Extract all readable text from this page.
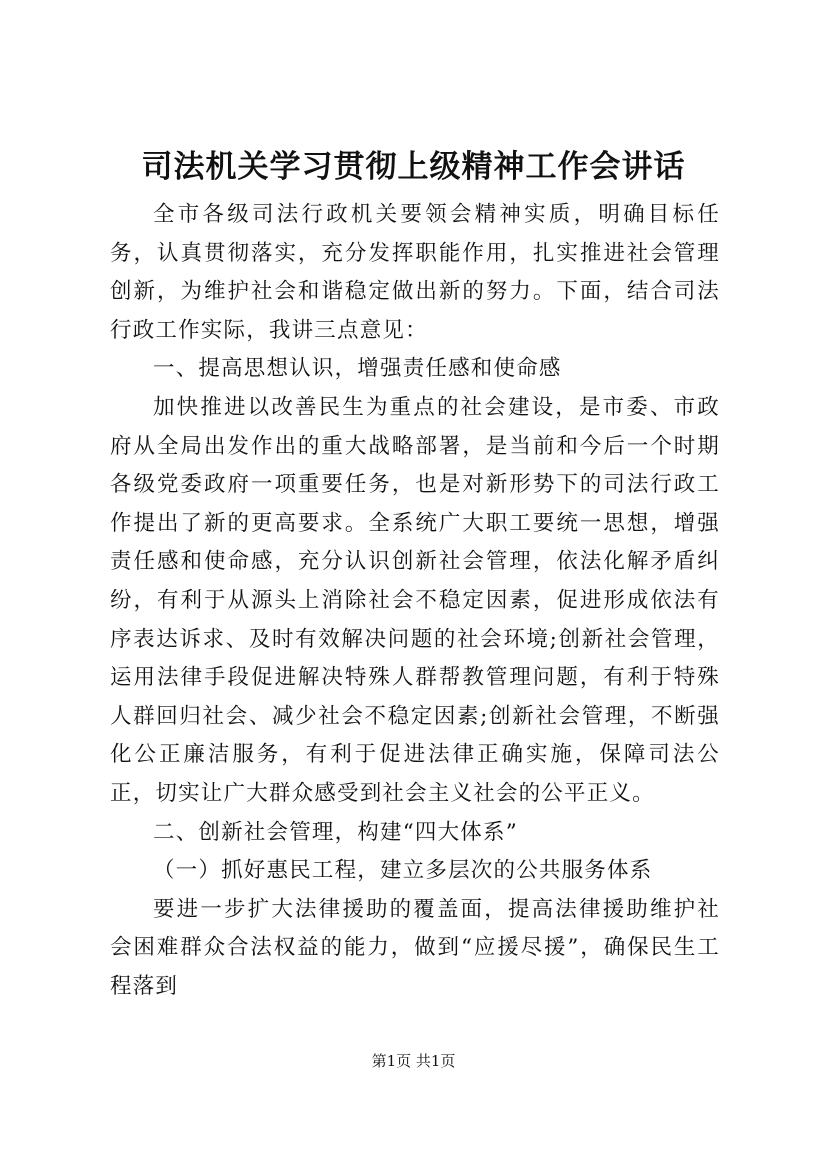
司法机关学习贯彻上级精神工作会讲话

全市各级司法行政机关要领会精神实质，明确目标任务，认真贯彻落实，充分发挥职能作用，扎实推进社会管理创新，为维护社会和谐稳定做出新的努力。下面，结合司法行政工作实际，我讲三点意见：

一、提高思想认识，增强责任感和使命感

加快推进以改善民生为重点的社会建设，是市委、市政府从全局出发作出的重大战略部署，是当前和今后一个时期各级党委政府一项重要任务，也是对新形势下的司法行政工作提出了新的更高要求。全系统广大职工要统一思想，增强责任感和使命感，充分认识创新社会管理，依法化解矛盾纠纷，有利于从源头上消除社会不稳定因素，促进形成依法有序表达诉求、及时有效解决问题的社会环境;创新社会管理，运用法律手段促进解决特殊人群帮教管理问题，有利于特殊人群回归社会、减少社会不稳定因素;创新社会管理，不断强化公正廉洁服务，有利于促进法律正确实施，保障司法公正，切实让广大群众感受到社会主义社会的公平正义。

二、创新社会管理，构建“四大体系”

（一）抓好惠民工程，建立多层次的公共服务体系

要进一步扩大法律援助的覆盖面，提高法律援助维护社会困难群众合法权益的能力，做到“应援尽援”，确保民生工程落到

第1页 共1页
